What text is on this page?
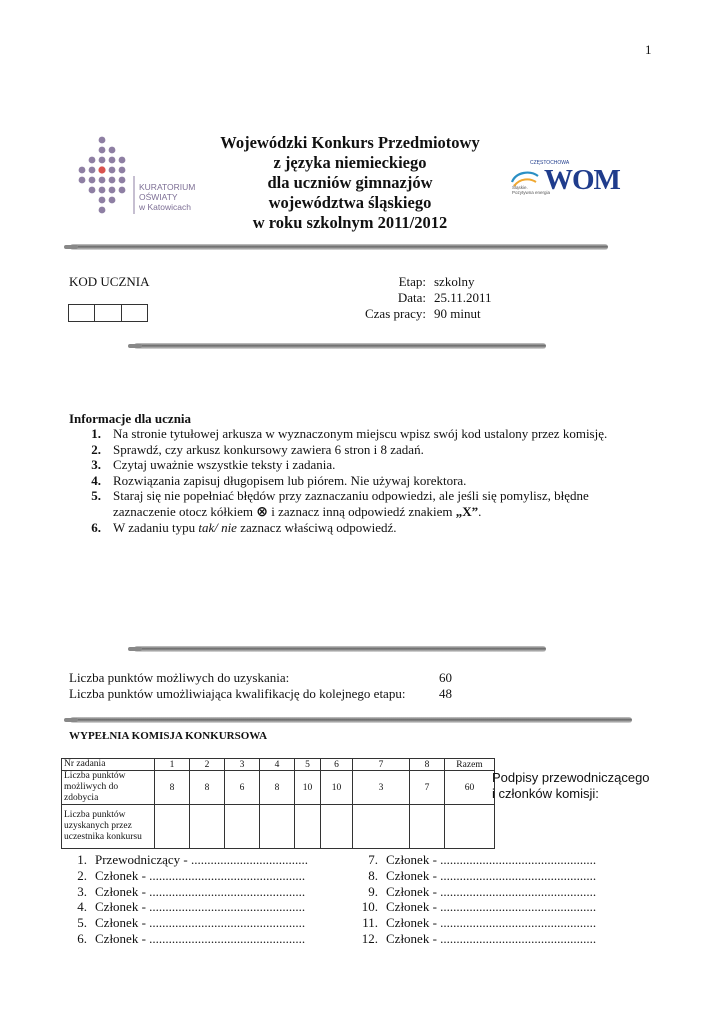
1
KURATORIUM
OŚWIATY
w Katowicach
Wojewódzki Konkurs Przedmiotowy
z języka niemieckiego
dla uczniów gimnazjów
województwa śląskiego
w roku szkolnym 2011/2012
CZĘSTOCHOWA
Śląskie.
Pozytywna energia
WOM
KOD UCZNIA	Etap: szkolny
Data: 25.11.2011
Czas pracy: 90 minut
Informacje dla ucznia
1. Na stronie tytułowej arkusza w wyznaczonym miejscu wpisz swój kod ustalony przez komisję.
2. Sprawdź, czy arkusz konkursowy zawiera 6 stron i 8 zadań.
3. Czytaj uważnie wszystkie teksty i zadania.
4. Rozwiązania zapisuj długopisem lub piórem. Nie używaj korektora.
5. Staraj się nie popełniać błędów przy zaznaczaniu odpowiedzi, ale jeśli się pomylisz, błędne zaznaczenie otocz kółkiem ⊗ i zaznacz inną odpowiedź znakiem „X”.
6. W zadaniu typu tak/ nie zaznacz właściwą odpowiedź.
Liczba punktów możliwych do uzyskania:	60
Liczba punktów umożliwiająca kwalifikację do kolejnego etapu:	48
WYPEŁNIA KOMISJA KONKURSOWA
Nr zadania	1	2	3	4	5	6	7	8	Razem
Liczba punktów możliwych do zdobycia	8	8	6	8	10	10	3	7	60
Liczba punktów uzyskanych przez uczestnika konkursu									
Podpisy przewodniczącego
i członków komisji:
1. Przewodniczący - ....................................
2. Członek - ................................................
3. Członek - ................................................
4. Członek - ................................................
5. Członek - ................................................
6. Członek - ................................................
7. Członek - ................................................
8. Członek - ................................................
9. Członek - ................................................
10. Członek - ................................................
11. Członek - ................................................
12. Członek - ................................................
